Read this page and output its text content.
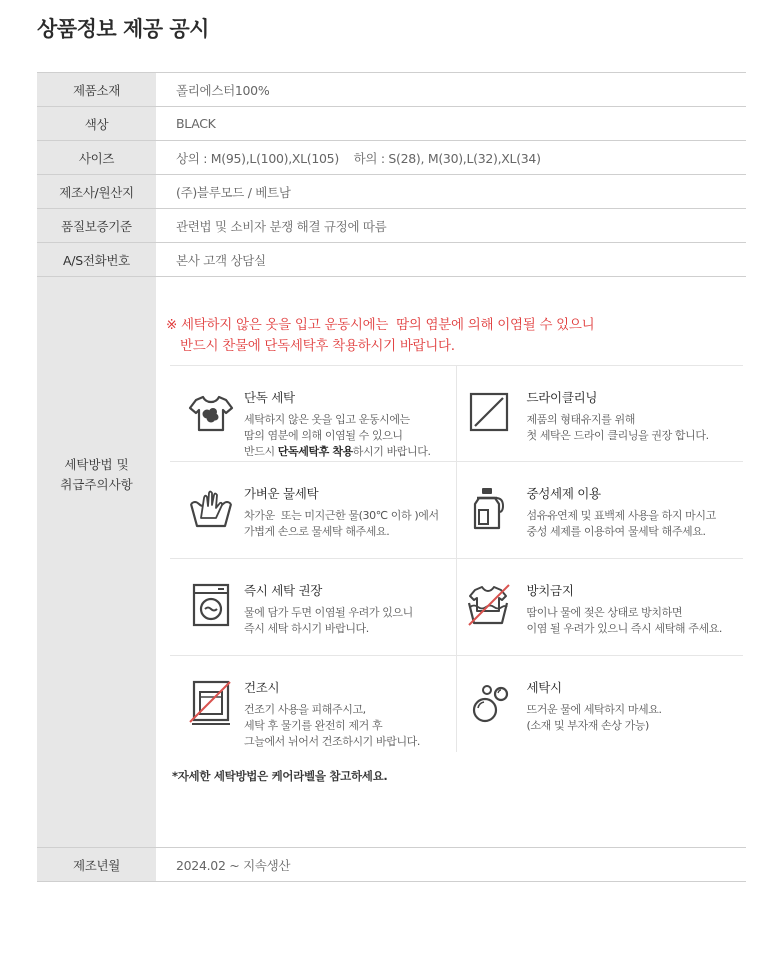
상품정보 제공 공시
제품소재	폴리에스터100%
색상	BLACK
사이즈	상의 : M(95),L(100),XL(105)    하의 : S(28), M(30),L(32),XL(34)
제조사/원산지	(주)블루모드 / 베트남
품질보증기준	관련법 및 소비자 분쟁 해결 규정에 따름
A/S전화번호	본사 고객 상담실
세탁방법 및
취급주의사항
※ 세탁하지 않은 옷을 입고 운동시에는  땀의 염분에 의해 이염될 수 있으니
반드시 찬물에 단독세탁후 착용하시기 바랍니다.
단독 세탁
세탁하지 않은 옷을 입고 운동시에는
땀의 염분에 의해 이염될 수 있으니
반드시 단독세탁후 착용하시기 바랍니다.
드라이클리닝
제품의 형태유지를 위해
첫 세탁은 드라이 클리닝을 권장 합니다.
가벼운 물세탁
차가운  또는 미지근한 물(30℃ 이하 )에서
가볍게 손으로 물세탁 해주세요.
중성세제 이용
섬유유연제 및 표백제 사용을 하지 마시고
중성 세제를 이용하여 물세탁 해주세요.
즉시 세탁 권장
물에 담가 두면 이염될 우려가 있으니
즉시 세탁 하시기 바랍니다.
방치금지
땀이나 물에 젖은 상태로 방치하면
이염 될 우려가 있으니 즉시 세탁해 주세요.
건조시
건조기 사용을 피해주시고,
세탁 후 물기를 완전히 제거 후
그늘에서 뉘어서 건조하시기 바랍니다.
세탁시
뜨거운 물에 세탁하지 마세요.
(소재 및 부자재 손상 가능)
*자세한 세탁방법은 케어라벨을 참고하세요.
제조년월	2024.02 ~ 지속생산
